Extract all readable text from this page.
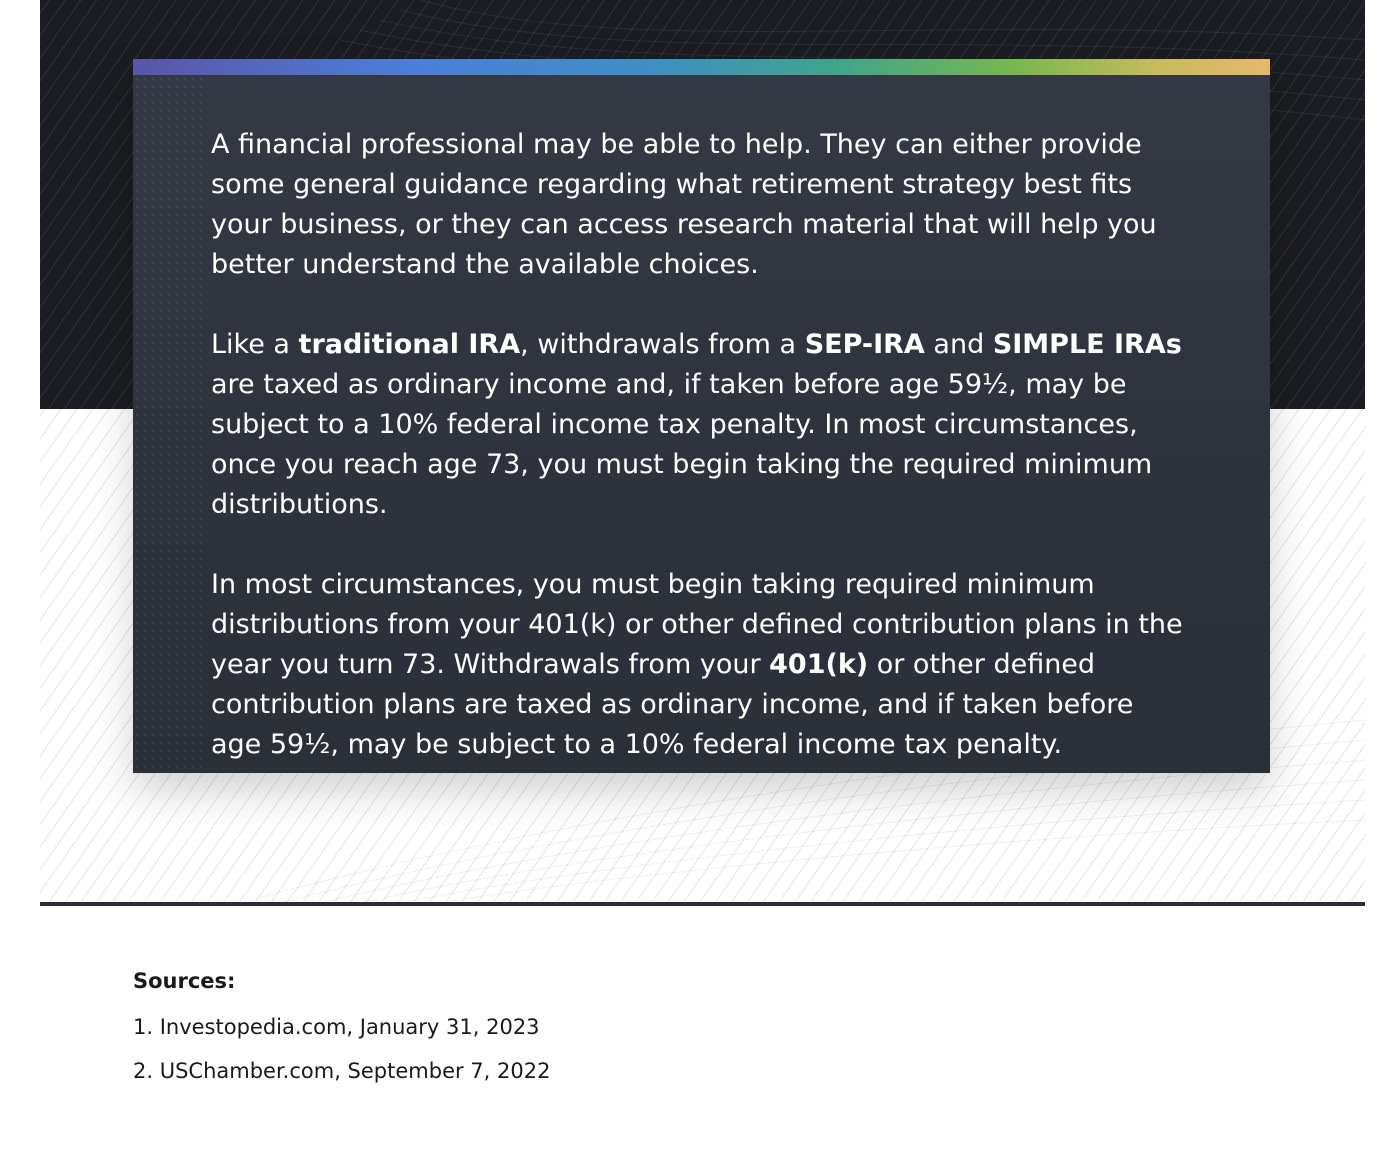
A financial professional may be able to help. They can either provide some general guidance regarding what retirement strategy best fits your business, or they can access research material that will help you better understand the available choices.

Like a traditional IRA, withdrawals from a SEP-IRA and SIMPLE IRAs are taxed as ordinary income and, if taken before age 59½, may be subject to a 10% federal income tax penalty. In most circumstances, once you reach age 73, you must begin taking the required minimum distributions.

In most circumstances, you must begin taking required minimum distributions from your 401(k) or other defined contribution plans in the year you turn 73. Withdrawals from your 401(k) or other defined contribution plans are taxed as ordinary income, and if taken before age 59½, may be subject to a 10% federal income tax penalty.

Sources:
1. Investopedia.com, January 31, 2023
2. USChamber.com, September 7, 2022
